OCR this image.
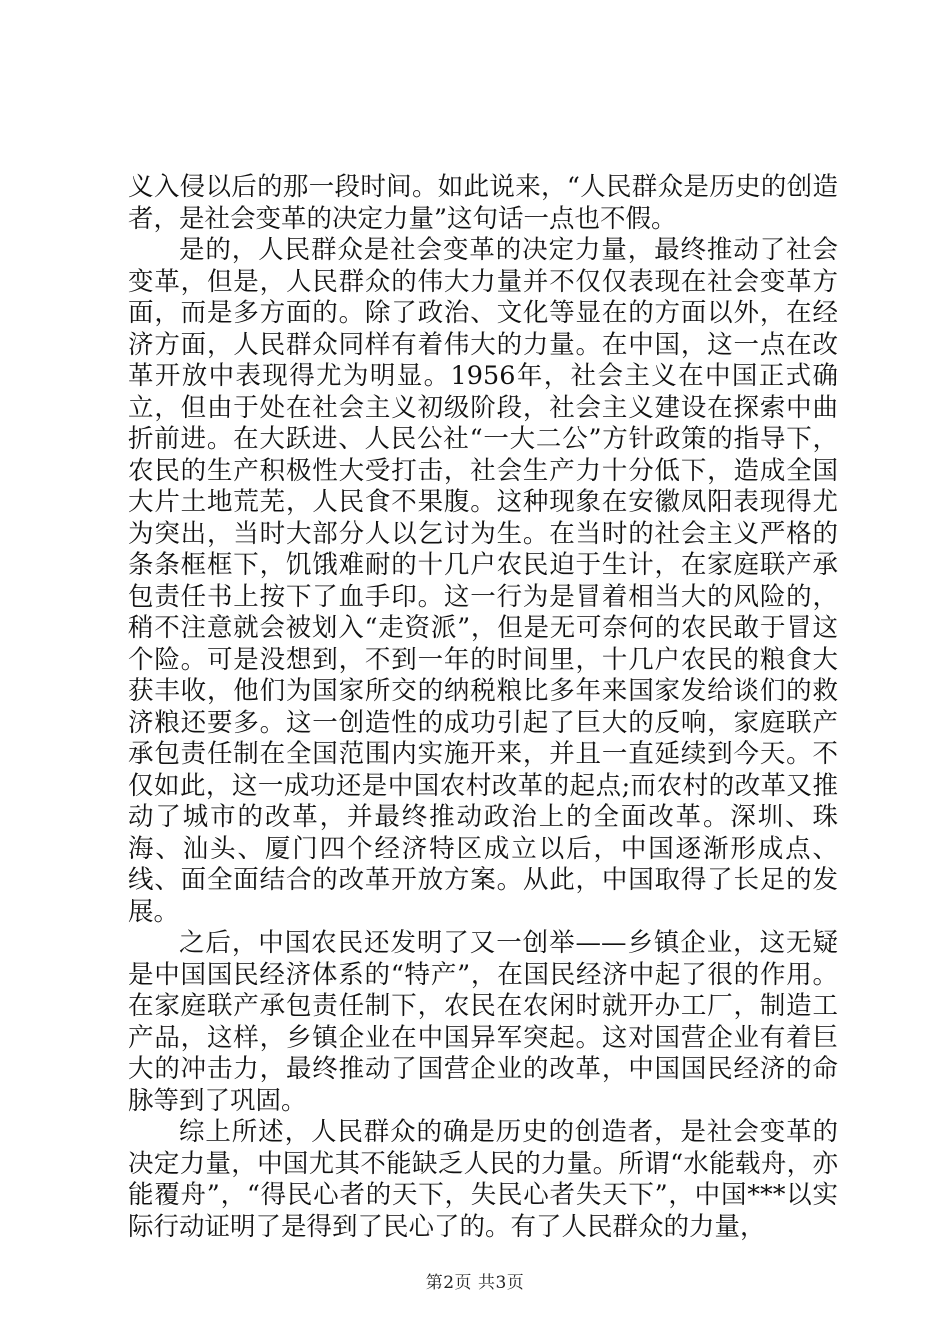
义入侵以后的那一段时间。如此说来，“人民群众是历史的创造者，是社会变革的决定力量”这句话一点也不假。

是的，人民群众是社会变革的决定力量，最终推动了社会变革，但是，人民群众的伟大力量并不仅仅表现在社会变革方面，而是多方面的。除了政治、文化等显在的方面以外，在经济方面，人民群众同样有着伟大的力量。在中国，这一点在改革开放中表现得尤为明显。1956年，社会主义在中国正式确立，但由于处在社会主义初级阶段，社会主义建设在探索中曲折前进。在大跃进、人民公社“一大二公”方针政策的指导下，农民的生产积极性大受打击，社会生产力十分低下，造成全国大片土地荒芜，人民食不果腹。这种现象在安徽凤阳表现得尤为突出，当时大部分人以乞讨为生。在当时的社会主义严格的条条框框下，饥饿难耐的十几户农民迫于生计，在家庭联产承包责任书上按下了血手印。这一行为是冒着相当大的风险的，稍不注意就会被划入“走资派”，但是无可奈何的农民敢于冒这个险。可是没想到，不到一年的时间里，十几户农民的粮食大获丰收，他们为国家所交的纳税粮比多年来国家发给谈们的救济粮还要多。这一创造性的成功引起了巨大的反响，家庭联产承包责任制在全国范围内实施开来，并且一直延续到今天。不仅如此，这一成功还是中国农村改革的起点;而农村的改革又推动了城市的改革，并最终推动政治上的全面改革。深圳、珠海、汕头、厦门四个经济特区成立以后，中国逐渐形成点、线、面全面结合的改革开放方案。从此，中国取得了长足的发展。

之后，中国农民还发明了又一创举——乡镇企业，这无疑是中国国民经济体系的“特产”，在国民经济中起了很的作用。在家庭联产承包责任制下，农民在农闲时就开办工厂，制造工产品，这样，乡镇企业在中国异军突起。这对国营企业有着巨大的冲击力，最终推动了国营企业的改革，中国国民经济的命脉等到了巩固。

综上所述，人民群众的确是历史的创造者，是社会变革的决定力量，中国尤其不能缺乏人民的力量。所谓“水能载舟，亦能覆舟”，“得民心者的天下，失民心者失天下”，中国***以实际行动证明了是得到了民心了的。有了人民群众的力量，

第2页 共3页
